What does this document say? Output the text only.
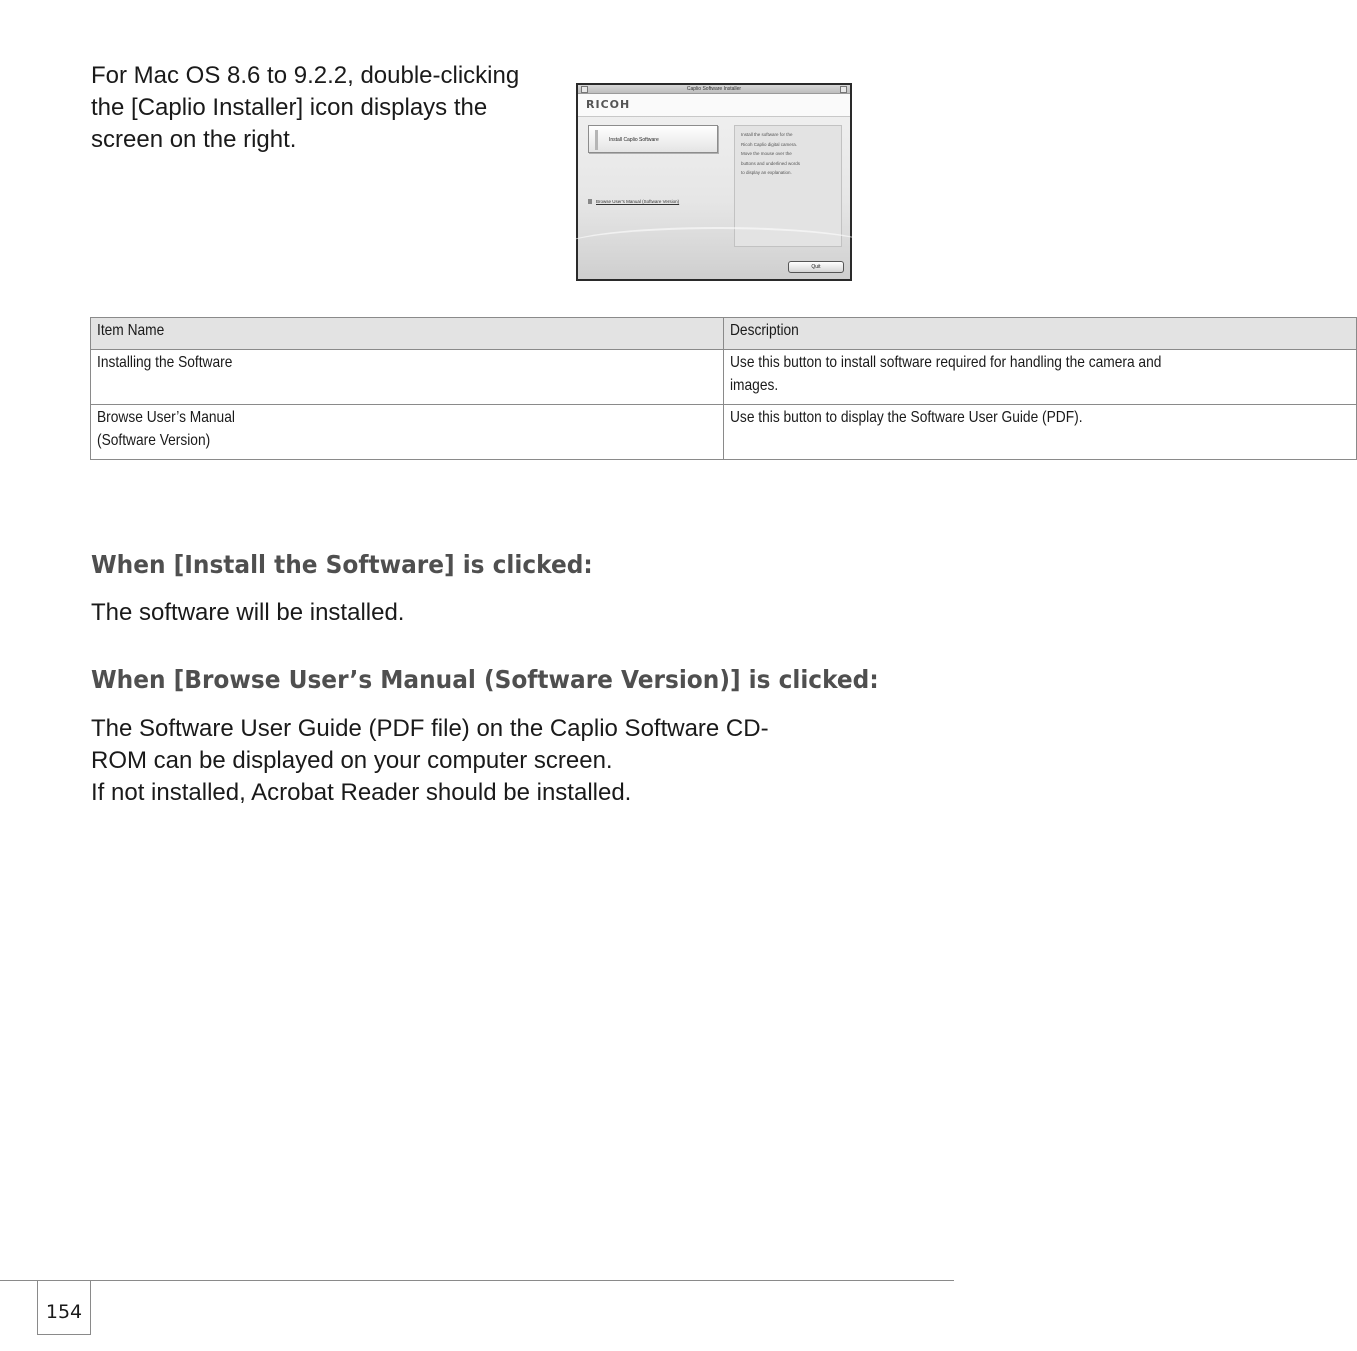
For Mac OS 8.6 to 9.2.2, double-clicking
the [Caplio Installer] icon displays the
screen on the right.
Caplio Software Installer
RICOH
Install Caplio Software
Browse User's Manual (Software Version)
Install the software for the
Ricoh Caplio digital camera.
Move the mouse over the
buttons and underlined words
to display an explanation.
Quit
Item Name	Description
Installing the Software	Use this button to install software required for handling the camera and
images.

Browse User’s Manual
(Software Version)	Use this button to display the Software User Guide (PDF).

When [Install the Software] is clicked:
The software will be installed.
When [Browse User’s Manual (Software Version)] is clicked:
The Software User Guide (PDF file) on the Caplio Software CD-
ROM can be displayed on your computer screen.
If not installed, Acrobat Reader should be installed.
154
